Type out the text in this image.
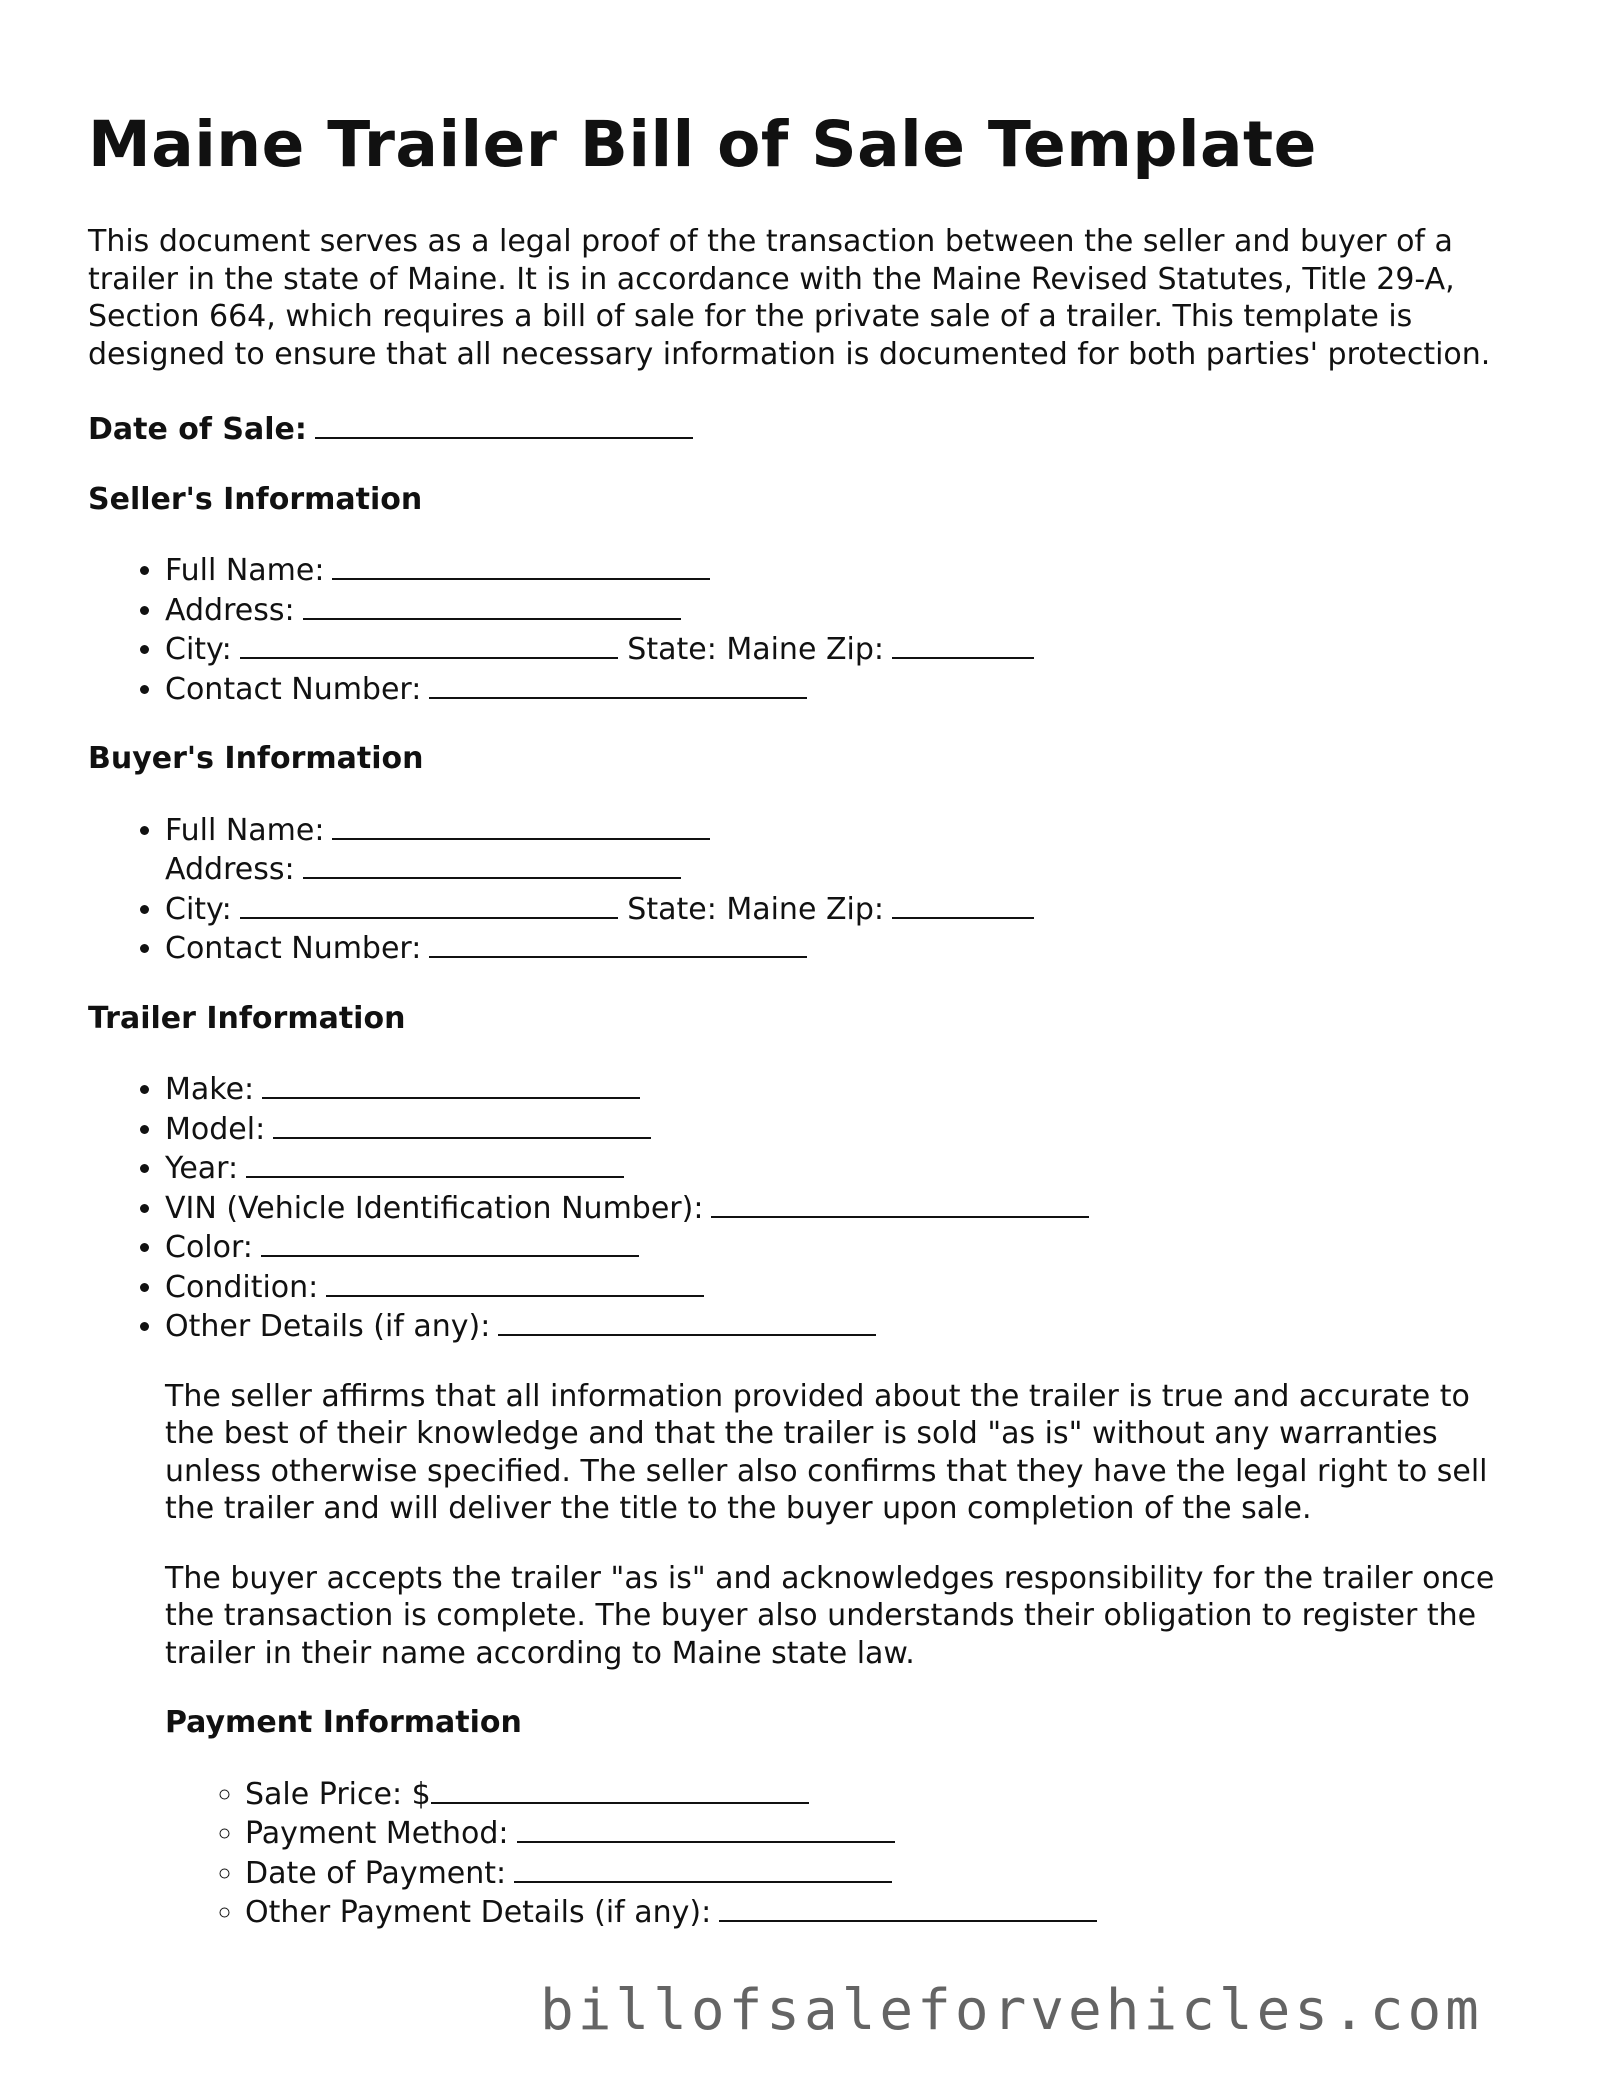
Maine Trailer Bill of Sale Template

This document serves as a legal proof of the transaction between the seller and buyer of a trailer in the state of Maine. It is in accordance with the Maine Revised Statutes, Title 29-A, Section 664, which requires a bill of sale for the private sale of a trailer. This template is designed to ensure that all necessary information is documented for both parties' protection.

Date of Sale:
Seller's Information
• Full Name:
• Address:
• City:	State: Maine Zip:
• Contact Number:
Buyer's Information
• Full Name:
Address:
• City:	State: Maine Zip:
• Contact Number:
Trailer Information
• Make:
• Model:
• Year:
• VIN (Vehicle Identification Number):
• Color:
• Condition:
• Other Details (if any):

The seller affirms that all information provided about the trailer is true and accurate to the best of their knowledge and that the trailer is sold "as is" without any warranties unless otherwise specified. The seller also confirms that they have the legal right to sell the trailer and will deliver the title to the buyer upon completion of the sale.

The buyer accepts the trailer "as is" and acknowledges responsibility for the trailer once the transaction is complete. The buyer also understands their obligation to register the trailer in their name according to Maine state law.

Payment Information
◦ Sale Price: $
◦ Payment Method:
◦ Date of Payment:
◦ Other Payment Details (if any):
billofsaleforvehicles.com
